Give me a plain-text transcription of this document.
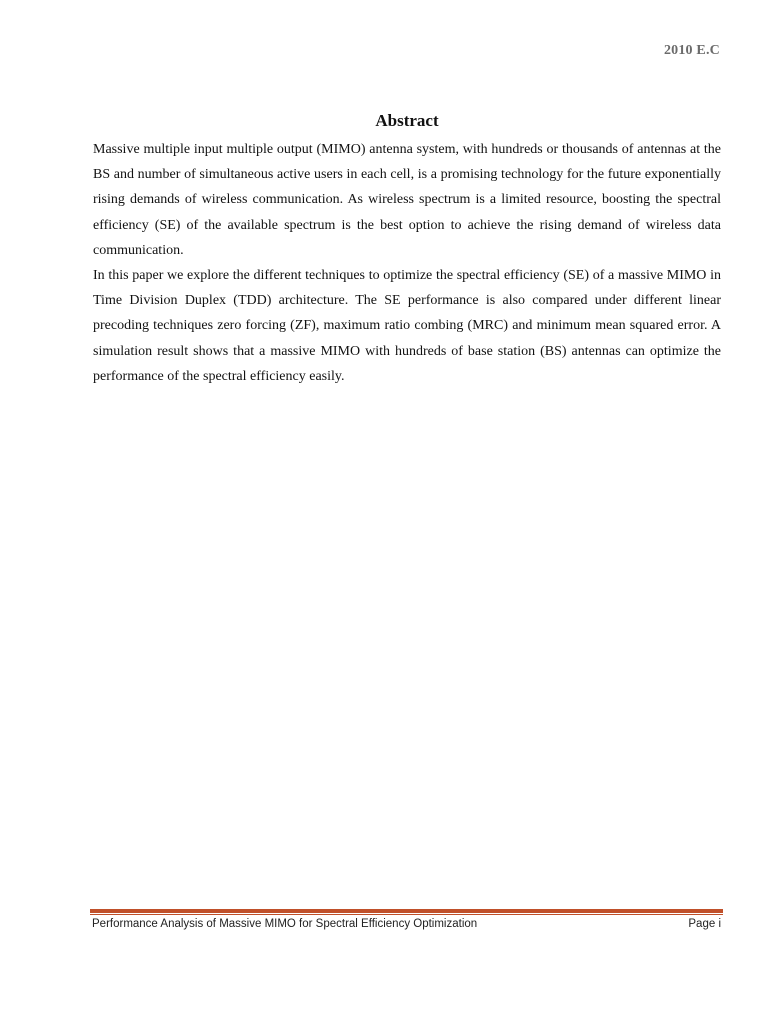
2010 E.C
Abstract

Massive multiple input multiple output (MIMO) antenna system, with hundreds or thousands of antennas at the BS and number of simultaneous active users in each cell, is a promising technology for the future exponentially rising demands of wireless communication. As wireless spectrum is a limited resource, boosting the spectral efficiency (SE) of the available spectrum is the best option to achieve the rising demand of wireless data communication.

In this paper we explore the different techniques to optimize the spectral efficiency (SE) of a massive MIMO in Time Division Duplex (TDD) architecture. The SE performance is also compared under different linear precoding techniques zero forcing (ZF), maximum ratio combing (MRC) and minimum mean squared error. A simulation result shows that a massive MIMO with hundreds of base station (BS) antennas can optimize the performance of the spectral efficiency easily.

Performance Analysis of Massive MIMO for Spectral Efficiency Optimization	Page i
